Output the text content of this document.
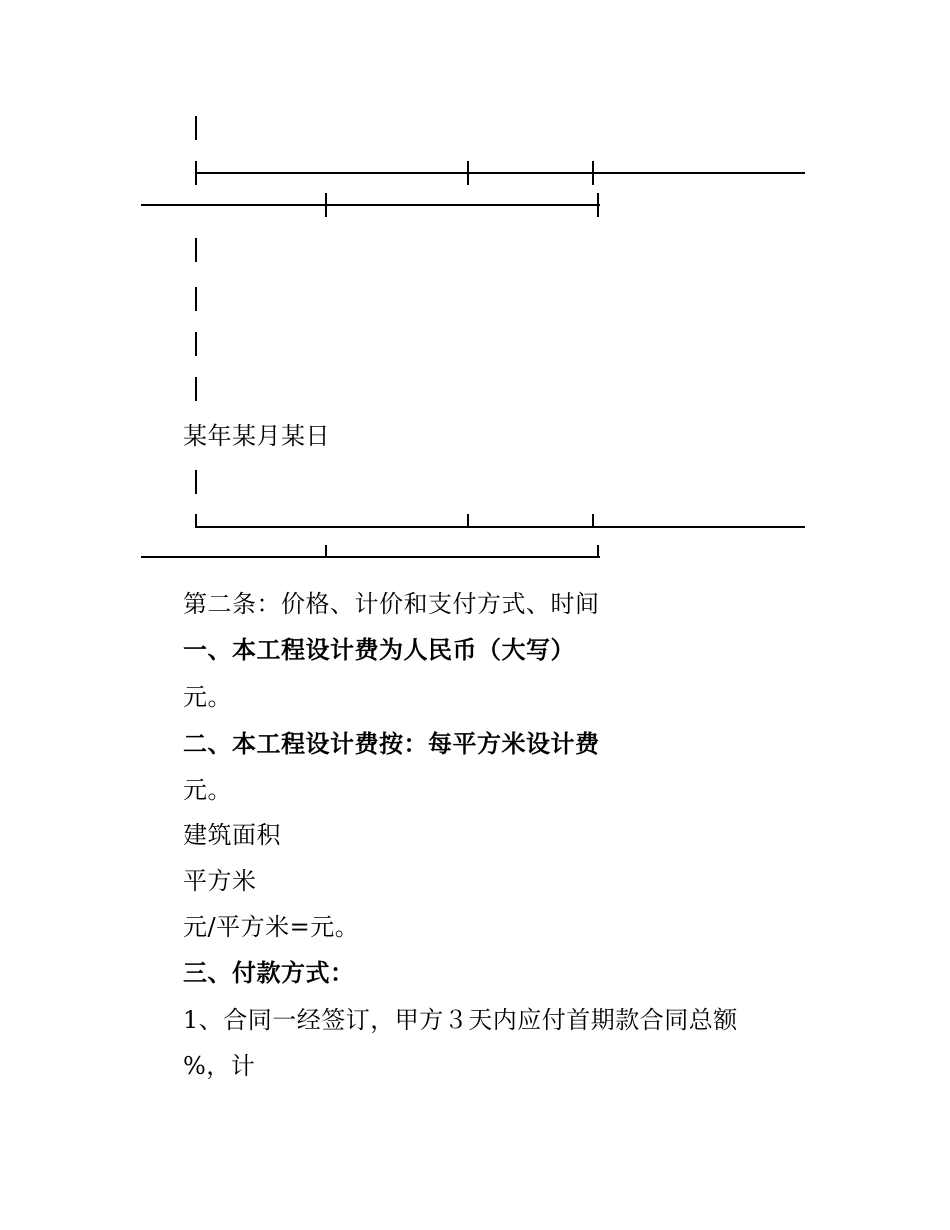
某年某月某日
第二条：价格、计价和支付方式、时间
一、本工程设计费为人民币（大写）
元。
二、本工程设计费按：每平方米设计费
元。
建筑面积
平方米
元/平方米=元。
三、付款方式：
1、合同一经签订，甲方３天内应付首期款合同总额
%，计
